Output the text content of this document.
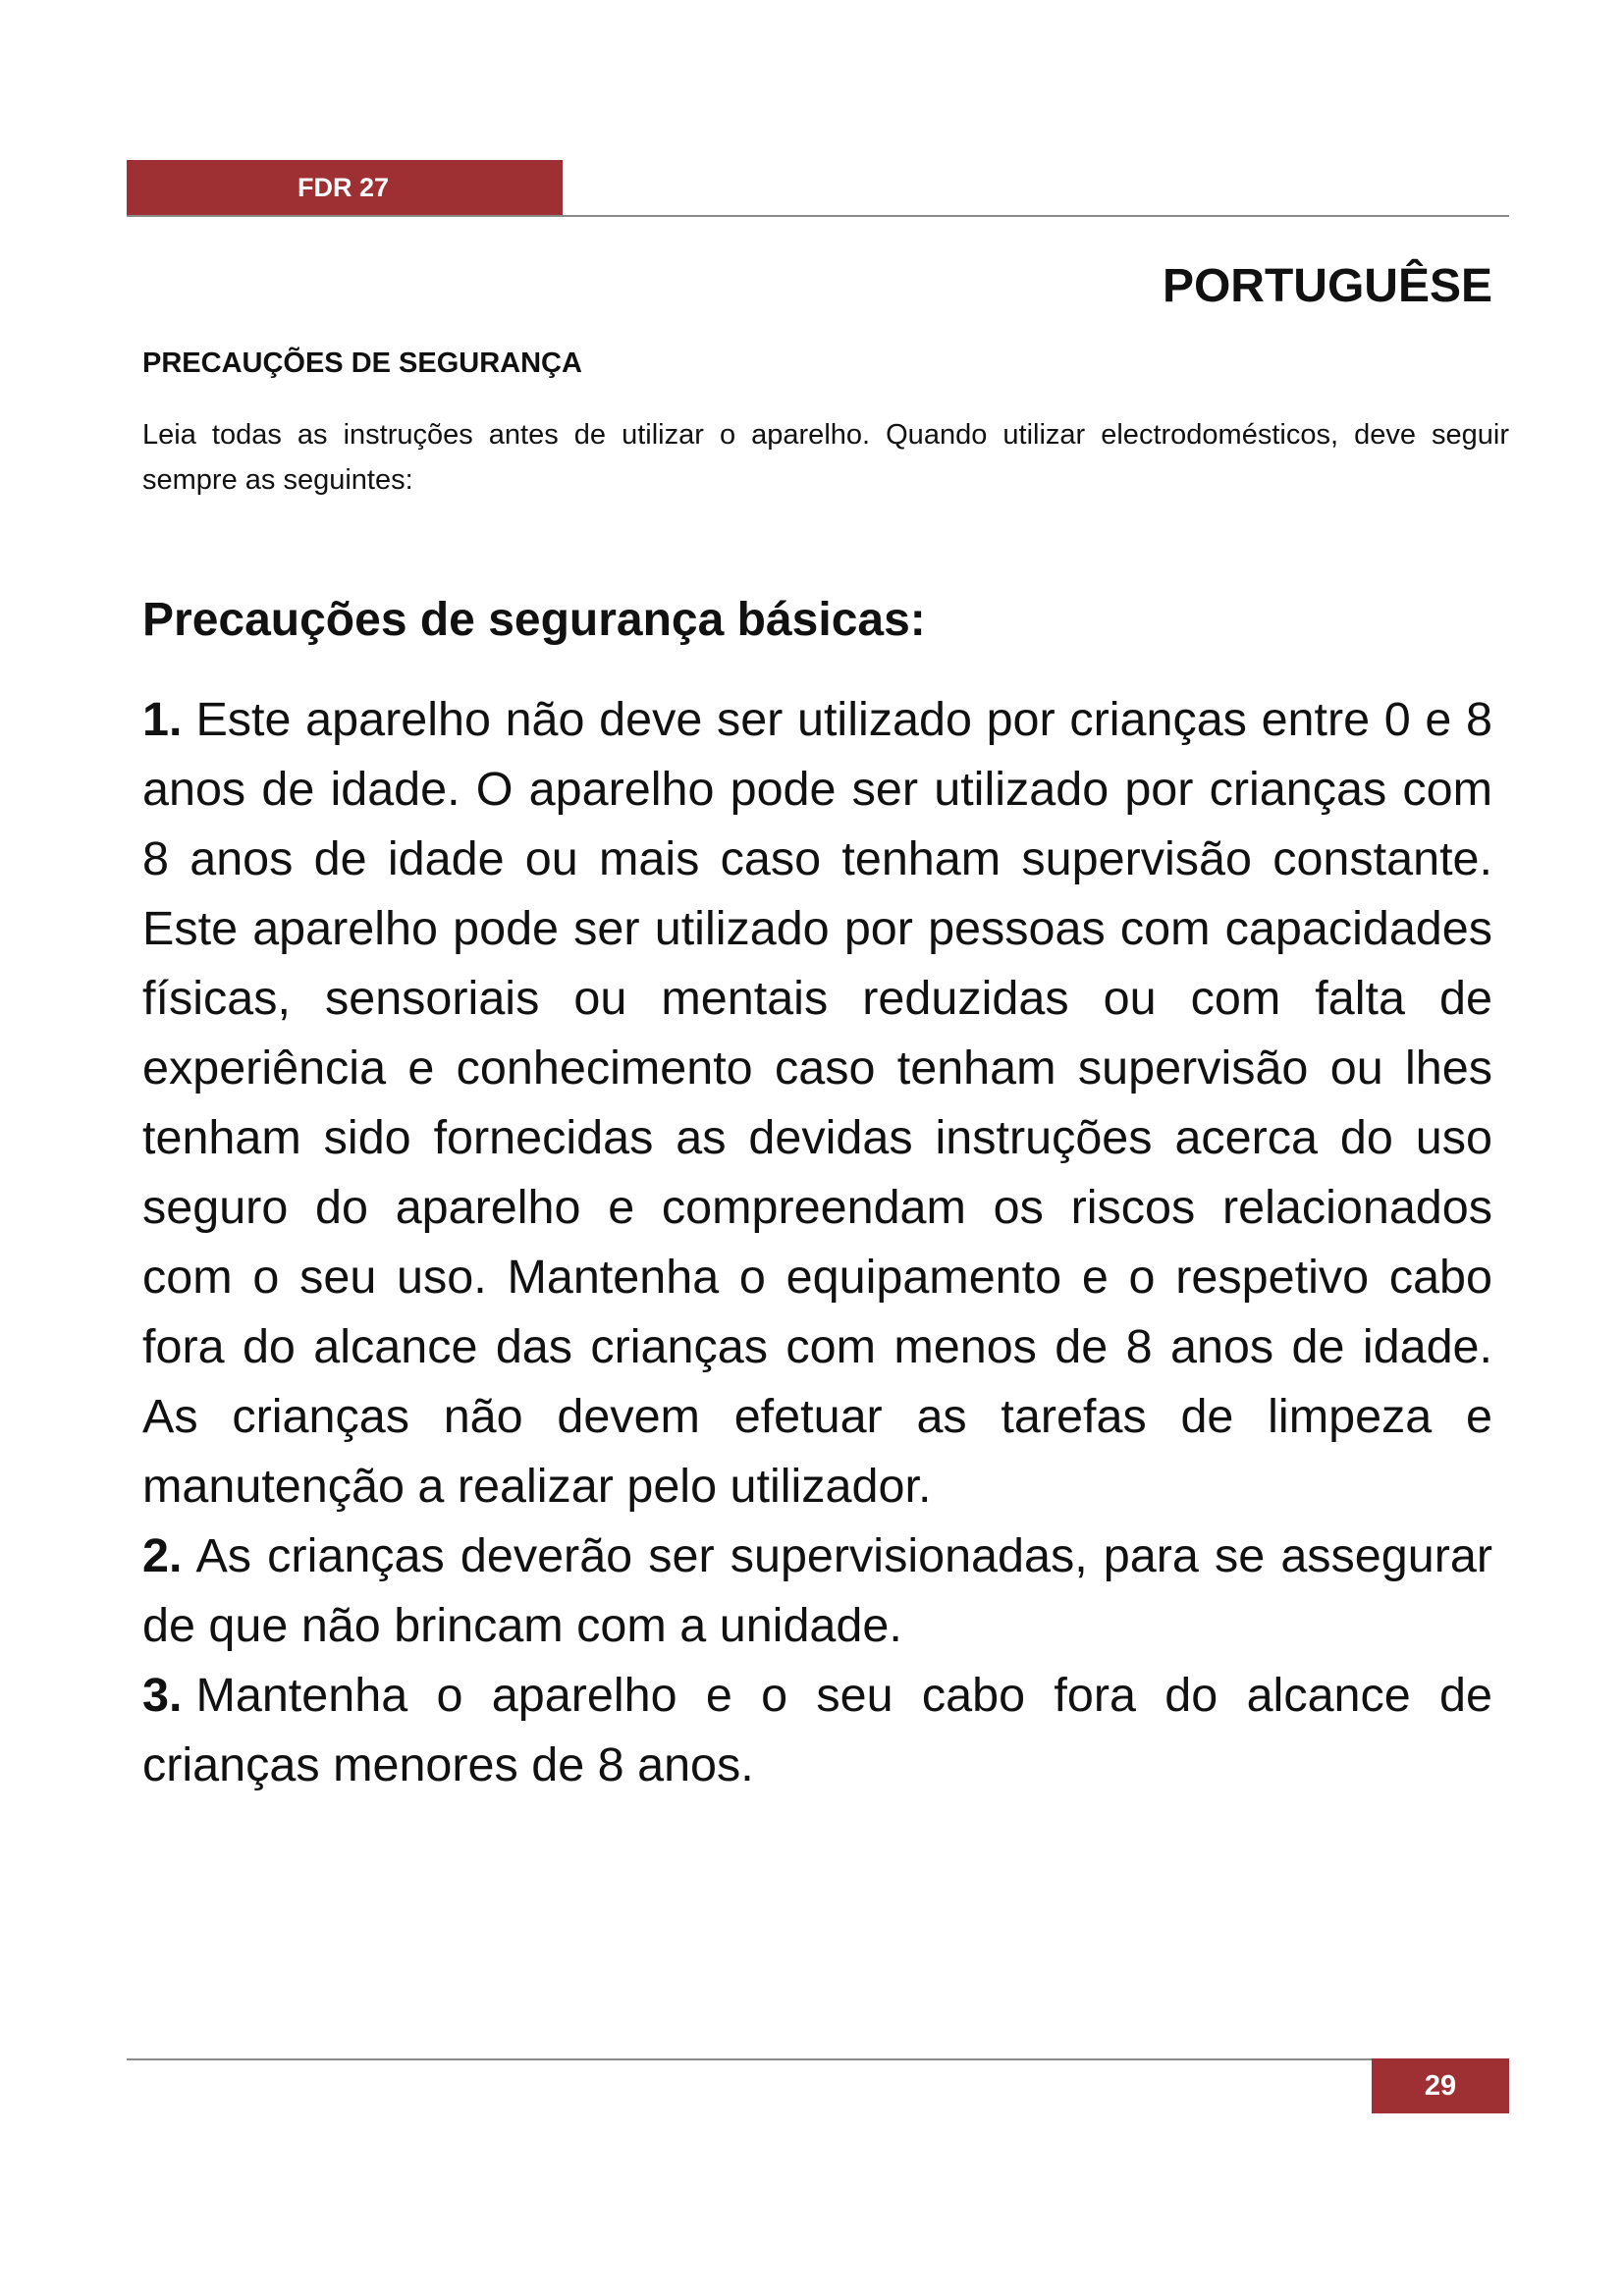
FDR 27
PORTUGUÊSE
PRECAUÇÕES DE SEGURANÇA
Leia todas as instruções antes de utilizar o aparelho. Quando utilizar electrodomésticos, deve seguir sempre as seguintes:
Precauções de segurança básicas:

1. Este aparelho não deve ser utilizado por crianças entre 0 e 8 anos de idade. O aparelho pode ser utilizado por crianças com 8 anos de idade ou mais caso tenham supervisão constante. Este aparelho pode ser utilizado por pessoas com capacidades físicas, sensoriais ou mentais reduzidas ou com falta de experiência e conhecimento caso tenham supervisão ou lhes tenham sido fornecidas as devidas instruções acerca do uso seguro do aparelho e compreendam os riscos relacionados com o seu uso. Mantenha o equipamento e o respetivo cabo fora do alcance das crianças com menos de 8 anos de idade. As crianças não devem efetuar as tarefas de limpeza e manutenção a realizar pelo utilizador.

2. As crianças deverão ser supervisionadas, para se assegurar de que não brincam com a unidade.

3. Mantenha o aparelho e o seu cabo fora do alcance de crianças menores de 8 anos.

29
